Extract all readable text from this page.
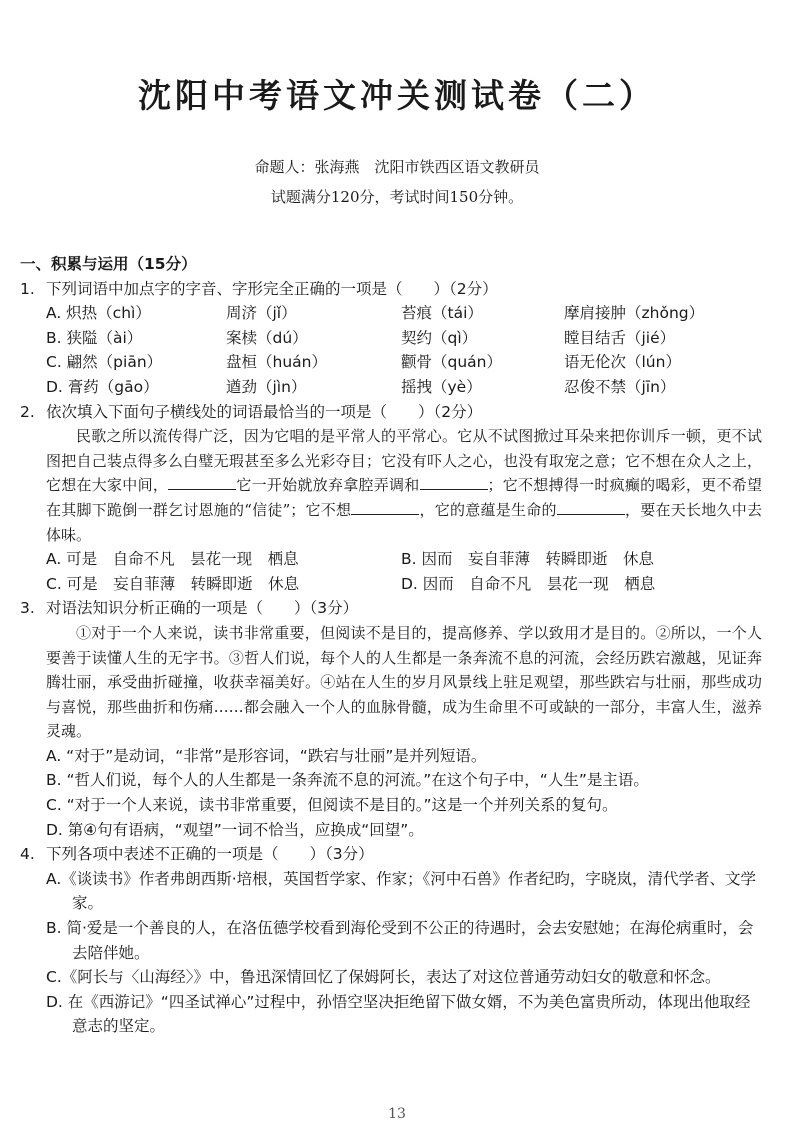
沈阳中考语文冲关测试卷（二）
命题人：张海燕　沈阳市铁西区语文教研员
试题满分120分，考试时间150分钟。
一、积累与运用（15分）
1. 下列词语中加点字的字音、字形完全正确的一项是（　　）（2分）
A. 炽热（chì）	周济（jǐ）	苔痕（tái）	摩肩接肿（zhǒng）
B. 狭隘（ài）	案椟（dú）	契约（qì）	瞠目结舌（jié）
C. 翩然（piān）	盘桓（huán）	颧骨（quán）	语无伦次（lún）
D. 膏药（gāo）	遒劲（jìn）	摇拽（yè）	忍俊不禁（jīn）
2. 依次填入下面句子横线处的词语最恰当的一项是（　　）（2分）
民歌之所以流传得广泛，因为它唱的是平常人的平常心。它从不试图掀过耳朵来把你训斥一顿，更不试图把自己装点得多么白璧无瑕甚至多么光彩夺目；它没有吓人之心，也没有取宠之意；它不想在众人之上，它想在大家中间，	它一开始就放弃拿腔弄调和	；它不想搏得一时疯癫的喝彩，更不希望在其脚下跪倒一群乞讨恩施的“信徒”；它不想	，它的意蕴是生命的	，要在天长地久中去体味。
A. 可是　自命不凡　昙花一现　栖息	B. 因而　妄自菲薄　转瞬即逝　休息
C. 可是　妄自菲薄　转瞬即逝　休息	D. 因而　自命不凡　昙花一现　栖息
3. 对语法知识分析正确的一项是（　　）（3分）
①对于一个人来说，读书非常重要，但阅读不是目的，提高修养、学以致用才是目的。②所以，一个人要善于读懂人生的无字书。③哲人们说，每个人的人生都是一条奔流不息的河流，会经历跌宕激越，见证奔腾壮丽，承受曲折碰撞，收获幸福美好。④站在人生的岁月风景线上驻足观望，那些跌宕与壮丽，那些成功与喜悦，那些曲折和伤痛……都会融入一个人的血脉骨髓，成为生命里不可或缺的一部分，丰富人生，滋养灵魂。
A. “对于”是动词，“非常”是形容词，“跌宕与壮丽”是并列短语。
B. “哲人们说，每个人的人生都是一条奔流不息的河流。”在这个句子中，“人生”是主语。
C. “对于一个人来说，读书非常重要，但阅读不是目的。”这是一个并列关系的复句。
D. 第④句有语病，“观望”一词不恰当，应换成“回望”。
4. 下列各项中表述不正确的一项是（　　）（3分）
A.《谈读书》作者弗朗西斯·培根，英国哲学家、作家；《河中石兽》作者纪昀，字晓岚，清代学者、文学家。
B. 简·爱是一个善良的人，在洛伍德学校看到海伦受到不公正的待遇时，会去安慰她；在海伦病重时，会去陪伴她。
C.《阿长与〈山海经〉》中，鲁迅深情回忆了保姆阿长，表达了对这位普通劳动妇女的敬意和怀念。
D. 在《西游记》“四圣试禅心”过程中，孙悟空坚决拒绝留下做女婿，不为美色富贵所动，体现出他取经意志的坚定。
13
